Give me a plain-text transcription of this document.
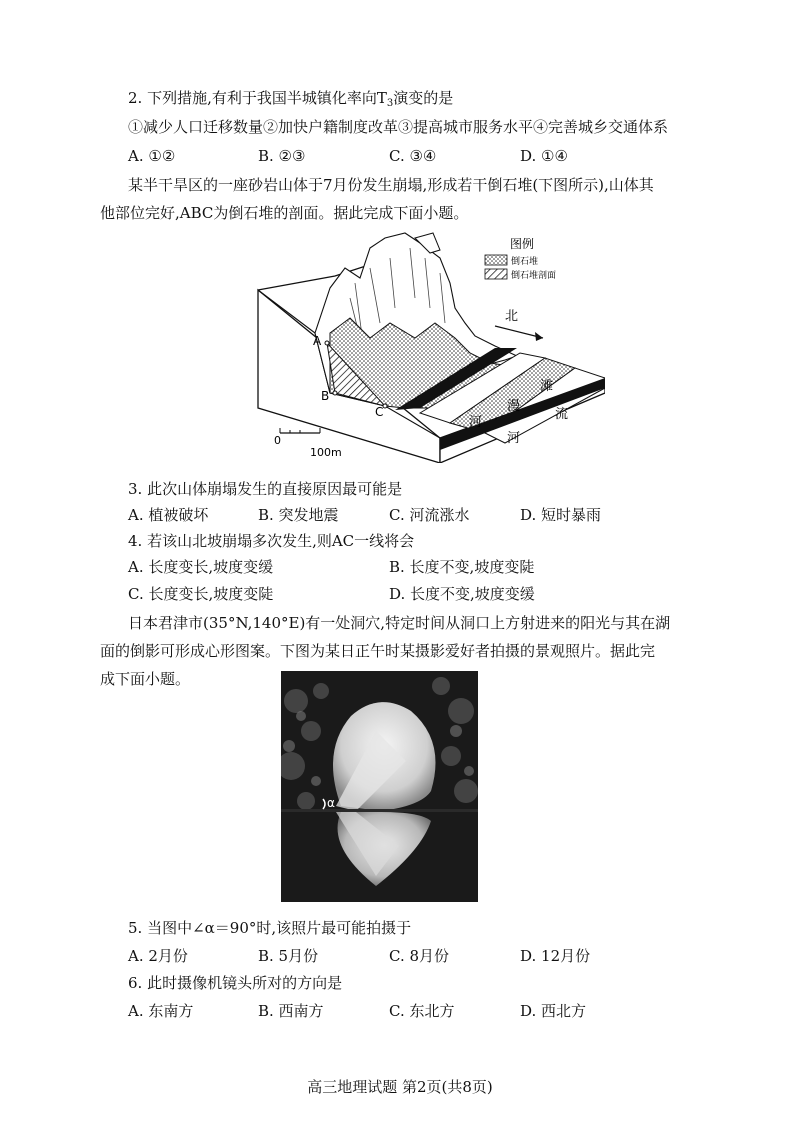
2. 下列措施,有利于我国半城镇化率向$T_3$演变的是
①减少人口迁移数量②加快户籍制度改革③提高城市服务水平④完善城乡交通体系
A. ①②	B. ②③	C. ③④	D. ①④
某半干旱区的一座砂岩山体于7月份发生崩塌,形成若干倒石堆(下图所示),山体其
他部位完好,ABC为倒石堆的剖面。据此完成下面小题。
北
A
B
C
河
漫
滩
流
河
图例
倒石堆
倒石堆剖面
0
100m
3. 此次山体崩塌发生的直接原因最可能是
A. 植被破坏	B. 突发地震	C. 河流涨水	D. 短时暴雨
4. 若该山北坡崩塌多次发生,则AC一线将会
A. 长度变长,坡度变缓	B. 长度不变,坡度变陡
C. 长度变长,坡度变陡	D. 长度不变,坡度变缓
日本君津市(35°N,140°E)有一处洞穴,特定时间从洞口上方射进来的阳光与其在湖
面的倒影可形成心形图案。下图为某日正午时某摄影爱好者拍摄的景观照片。据此完
成下面小题。
α
5. 当图中∠α＝90°时,该照片最可能拍摄于
A. 2月份	B. 5月份	C. 8月份	D. 12月份
6. 此时摄像机镜头所对的方向是
A. 东南方	B. 西南方	C. 东北方	D. 西北方
高三地理试题 第2页(共8页)
